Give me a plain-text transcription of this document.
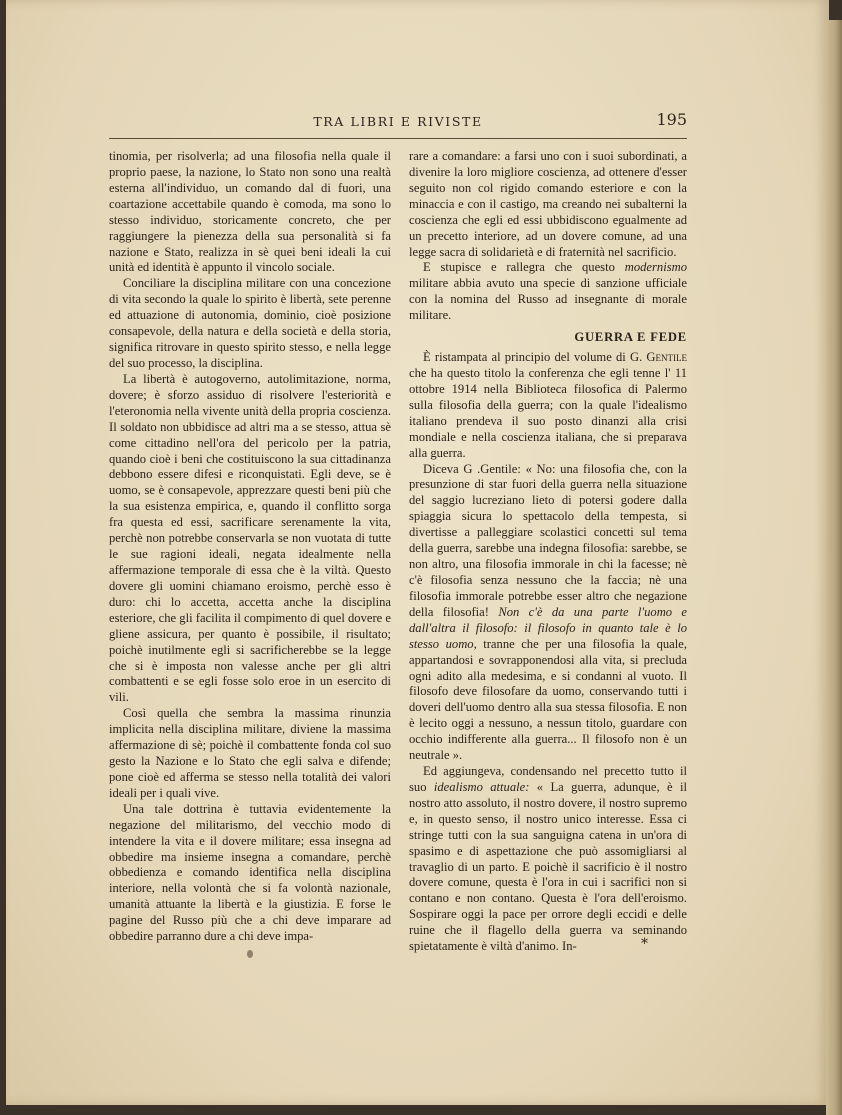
TRA LIBRI E RIVISTE	195

tinomia, per risolverla; ad una filosofia nella quale il proprio paese, la nazione, lo Stato non sono una realtà esterna all'individuo, un comando dal di fuori, una coartazione accettabile quando è comoda, ma sono lo stesso individuo, storicamente concreto, che per raggiungere la pienezza della sua personalità si fa nazione e Stato, realizza in sè quei beni ideali la cui unità ed identità è appunto il vincolo sociale.

Conciliare la disciplina militare con una concezione di vita secondo la quale lo spirito è libertà, sete perenne ed attuazione di autonomia, dominio, cioè posizione consapevole, della natura e della società e della storia, significa ritrovare in questo spirito stesso, e nella legge del suo processo, la disciplina.

La libertà è autogoverno, autolimitazione, norma, dovere; è sforzo assiduo di risolvere l'esteriorità e l'eteronomia nella vivente unità della propria coscienza. Il soldato non ubbidisce ad altri ma a se stesso, attua sè come cittadino nell'ora del pericolo per la patria, quando cioè i beni che costituiscono la sua cittadinanza debbono essere difesi e riconquistati. Egli deve, se è uomo, se è consapevole, apprezzare questi beni più che la sua esistenza empirica, e, quando il conflitto sorga fra questa ed essi, sacrificare serenamente la vita, perchè non potrebbe conservarla se non vuotata di tutte le sue ragioni ideali, negata idealmente nella affermazione temporale di essa che è la viltà. Questo dovere gli uomini chiamano eroismo, perchè esso è duro: chi lo accetta, accetta anche la disciplina esteriore, che gli facilita il compimento di quel dovere e gliene assicura, per quanto è possibile, il risultato; poichè inutilmente egli si sacrificherebbe se la legge che si è imposta non valesse anche per gli altri combattenti e se egli fosse solo eroe in un esercito di vili.

Così quella che sembra la massima rinunzia implicita nella disciplina militare, diviene la massima affermazione di sè; poichè il combattente fonda col suo gesto la Nazione e lo Stato che egli salva e difende; pone cioè ed afferma se stesso nella totalità dei valori ideali per i quali vive.

Una tale dottrina è tuttavia evidentemente la negazione del militarismo, del vecchio modo di intendere la vita e il dovere militare; essa insegna ad obbedire ma insieme insegna a comandare, perchè obbedienza e comando identifica nella disciplina interiore, nella volontà che si fa volontà nazionale, umanità attuante la libertà e la giustizia. E forse le pagine del Russo più che a chi deve imparare ad obbedire parranno dure a chi deve impa-

rare a comandare: a farsi uno con i suoi subordinati, a divenire la loro migliore coscienza, ad ottenere d'esser seguito non col rigido comando esteriore e con la minaccia e con il castigo, ma creando nei subalterni la coscienza che egli ed essi ubbidiscono egualmente ad un precetto interiore, ad un dovere comune, ad una legge sacra di solidarietà e di fraternità nel sacrificio.

E stupisce e rallegra che questo modernismo militare abbia avuto una specie di sanzione ufficiale con la nomina del Russo ad insegnante di morale militare.

GUERRA E FEDE

È ristampata al principio del volume di G. Gentile che ha questo titolo la conferenza che egli tenne l' 11 ottobre 1914 nella Biblioteca filosofica di Palermo sulla filosofia della guerra; con la quale l'idealismo italiano prendeva il suo posto dinanzi alla crisi mondiale e nella coscienza italiana, che si preparava alla guerra.

Diceva G .Gentile: « No: una filosofia che, con la presunzione di star fuori della guerra nella situazione del saggio lucreziano lieto di potersi godere dalla spiaggia sicura lo spettacolo della tempesta, si divertisse a palleggiare scolastici concetti sul tema della guerra, sarebbe una indegna filosofia: sarebbe, se non altro, una filosofia immorale in chi la facesse; nè c'è filosofia senza nessuno che la faccia; nè una filosofia immorale potrebbe esser altro che negazione della filosofia! Non c'è da una parte l'uomo e dall'altra il filosofo: il filosofo in quanto tale è lo stesso uomo, tranne che per una filosofia la quale, appartandosi e sovrapponendosi alla vita, si precluda ogni adito alla medesima, e si condanni al vuoto. Il filosofo deve filosofare da uomo, conservando tutti i doveri dell'uomo dentro alla sua stessa filosofia. E non è lecito oggi a nessuno, a nessun titolo, guardare con occhio indifferente alla guerra... Il filosofo non è un neutrale ».

Ed aggiungeva, condensando nel precetto tutto il suo idealismo attuale: « La guerra, adunque, è il nostro atto assoluto, il nostro dovere, il nostro supremo e, in questo senso, il nostro unico interesse. Essa ci stringe tutti con la sua sanguigna catena in un'ora di spasimo e di aspettazione che può assomigliarsi al travaglio di un parto. E poichè il sacrificio è il nostro dovere comune, questa è l'ora in cui i sacrifici non si contano e non contano. Questa è l'ora dell'eroismo. Sospirare oggi la pace per orrore degli eccidi e delle ruine che il flagello della guerra va seminando spietatamente è viltà d'animo. In-	*
